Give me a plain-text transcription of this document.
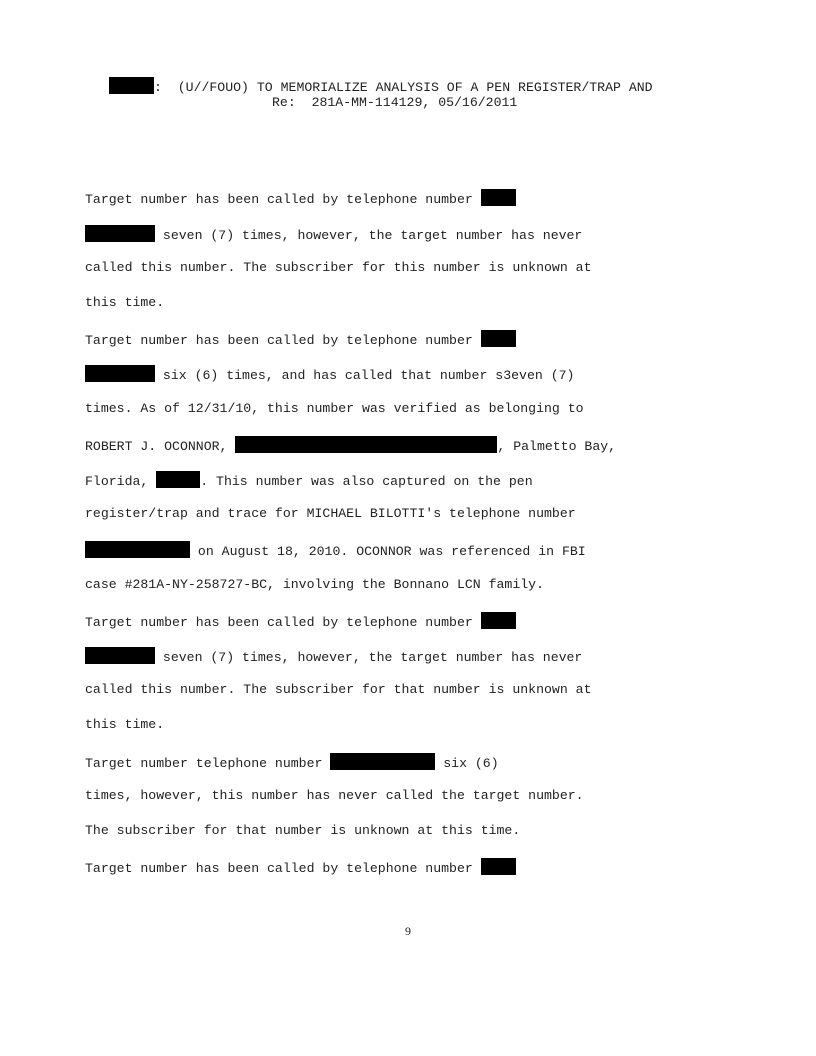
:  (U//FOUO) TO MEMORIALIZE ANALYSIS OF A PEN REGISTER/TRAP AND

Re:  281A-MM-114129, 05/16/2011

Target number has been called by telephone number
seven (7) times, however, the target number has never
called this number. The subscriber for this number is unknown at
this time.
Target number has been called by telephone number
six (6) times, and has called that number s3even (7)
times. As of 12/31/10, this number was verified as belonging to
ROBERT J. OCONNOR,	, Palmetto Bay,
Florida,	. This number was also captured on the pen
register/trap and trace for MICHAEL BILOTTI's telephone number
on August 18, 2010. OCONNOR was referenced in FBI
case #281A-NY-258727-BC, involving the Bonnano LCN family.
Target number has been called by telephone number
seven (7) times, however, the target number has never
called this number. The subscriber for that number is unknown at
this time.
Target number telephone number	six (6)
times, however, this number has never called the target number.
The subscriber for that number is unknown at this time.
Target number has been called by telephone number
9
